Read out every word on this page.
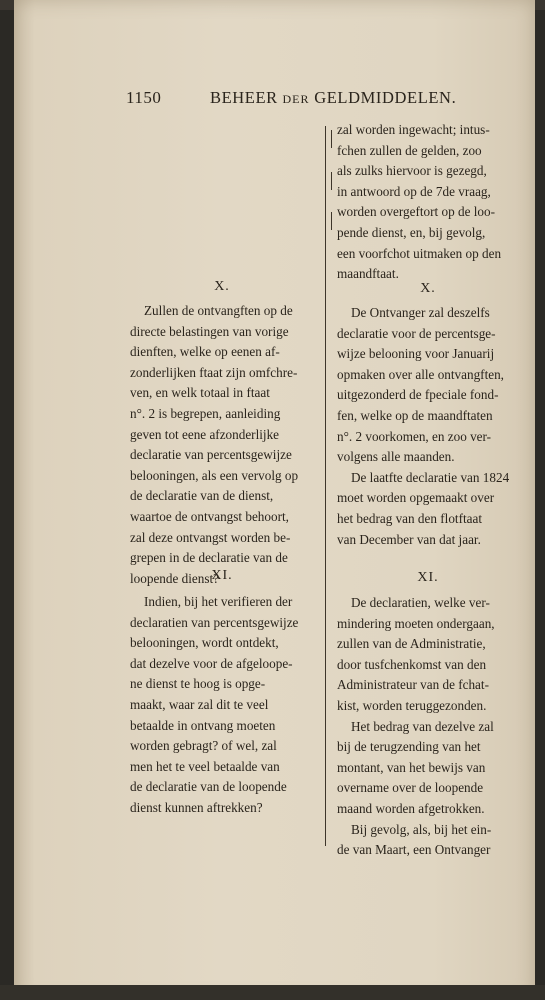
1150	BEHEER DER GELDMIDDELEN.
zal worden ingewacht; intus-
fchen zullen de gelden, zoo
als zulks hiervoor is gezegd,
in antwoord op de 7de vraag,
worden overgeftort op de loo-
pende dienst, en, bij gevolg,
een voorfchot uitmaken op den
maandftaat.
X.
De Ontvanger zal deszelfs
declaratie voor de percentsge-
wijze belooning voor Januarij
opmaken over alle ontvangften,
uitgezonderd de fpeciale fond-
fen, welke op de maandftaten
n°. 2 voorkomen, en zoo ver-
volgens alle maanden.
De laatfte declaratie van 1824
moet worden opgemaakt over
het bedrag van den flotftaat
van December van dat jaar.
XI.
De declaratien, welke ver-
mindering moeten ondergaan,
zullen van de Administratie,
door tusfchenkomst van den
Administrateur van de fchat-
kist, worden teruggezonden.
Het bedrag van dezelve zal
bij de terugzending van het
montant, van het bewijs van
overname over de loopende
maand worden afgetrokken.
Bij gevolg, als, bij het ein-
de van Maart, een Ontvanger
X.
Zullen de ontvangften op de
directe belastingen van vorige
dienften, welke op eenen af-
zonderlijken ftaat zijn omfchre-
ven, en welk totaal in ftaat
n°. 2 is begrepen, aanleiding
geven tot eene afzonderlijke
declaratie van percentsgewijze
belooningen, als een vervolg op
de declaratie van de dienst,
waartoe de ontvangst behoort,
zal deze ontvangst worden be-
grepen in de declaratie van de
loopende dienst?
XI.
Indien, bij het verifieren der
declaratien van percentsgewijze
belooningen, wordt ontdekt,
dat dezelve voor de afgeloope-
ne dienst te hoog is opge-
maakt, waar zal dit te veel
betaalde in ontvang moeten
worden gebragt? of wel, zal
men het te veel betaalde van
de declaratie van de loopende
dienst kunnen aftrekken?
